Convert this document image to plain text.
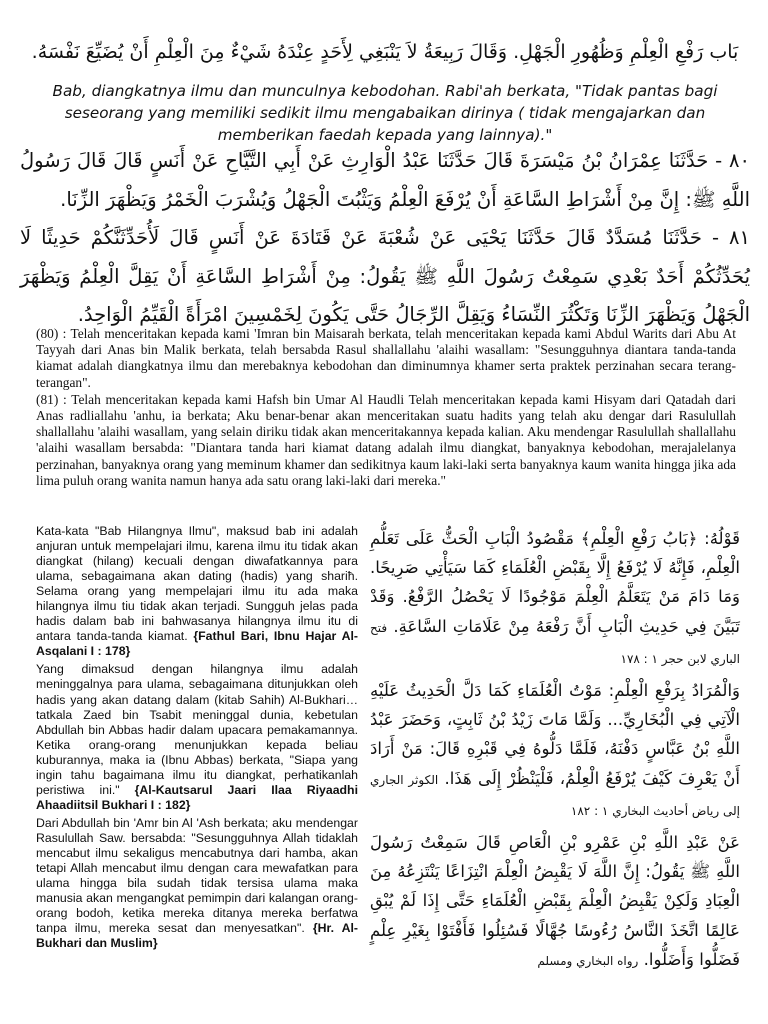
بَاب رَفْعِ الْعِلْمِ وَظُهُورِ الْجَهْلِ. وَقَالَ رَبِيعَةُ لاَ يَنْبَغِي لِأَحَدٍ عِنْدَهُ شَيْءٌ مِنَ الْعِلْمِ أَنْ يُضَيِّعَ نَفْسَهُ.
Bab, diangkatnya ilmu dan munculnya kebodohan. Rabi'ah berkata, "Tidak pantas bagi seseorang yang memiliki sedikit ilmu mengabaikan dirinya ( tidak mengajarkan dan memberikan faedah kepada yang lainnya)."

٨٠ - حَدَّثَنَا عِمْرَانُ بْنُ مَيْسَرَةَ قَالَ حَدَّثَنَا عَبْدُ الْوَارِثِ عَنْ أَبِي التَّيَّاحِ عَنْ أَنَسٍ قَالَ قَالَ رَسُولُ اللَّهِ ﷺ: إِنَّ مِنْ أَشْرَاطِ السَّاعَةِ أَنْ يُرْفَعَ الْعِلْمُ وَيَثْبُتَ الْجَهْلُ وَيُشْرَبَ الْخَمْرُ وَيَظْهَرَ الزِّنَا.

٨١ - حَدَّثَنَا مُسَدَّدٌ قَالَ حَدَّثَنَا يَحْيَى عَنْ شُعْبَةَ عَنْ قَتَادَةَ عَنْ أَنَسٍ قَالَ لَأُحَدِّثَنَّكُمْ حَدِيثًا لَا يُحَدِّثُكُمْ أَحَدٌ بَعْدِي سَمِعْتُ رَسُولَ اللَّهِ ﷺ يَقُولُ: مِنْ أَشْرَاطِ السَّاعَةِ أَنْ يَقِلَّ الْعِلْمُ وَيَظْهَرَ الْجَهْلُ وَيَظْهَرَ الزِّنَا وَتَكْثُرَ النِّسَاءُ وَيَقِلَّ الرِّجَالُ حَتَّى يَكُونَ لِخَمْسِينَ امْرَأَةً الْقَيِّمُ الْوَاحِدُ.

(80) : Telah menceritakan kepada kami 'Imran bin Maisarah berkata, telah menceritakan kepada kami Abdul Warits dari Abu At Tayyah dari Anas bin Malik berkata, telah bersabda Rasul shallallahu 'alaihi wasallam: "Sesungguhnya diantara tanda-tanda kiamat adalah diangkatnya ilmu dan merebaknya kebodohan dan diminumnya khamer serta praktek perzinahan secara terang-terangan".

(81) : Telah menceritakan kepada kami Hafsh bin Umar Al Haudli Telah menceritakan kepada kami Hisyam dari Qatadah dari Anas radliallahu 'anhu, ia berkata; Aku benar-benar akan menceritakan suatu hadits yang telah aku dengar dari Rasulullah shallallahu 'alaihi wasallam, yang selain diriku tidak akan menceritakannya kepada kalian. Aku mendengar Rasulullah shallallahu 'alaihi wasallam bersabda: "Diantara tanda hari kiamat datang adalah ilmu diangkat, banyaknya kebodohan, merajalelanya perzinahan, banyaknya orang yang meminum khamer dan sedikitnya kaum laki-laki serta banyaknya kaum wanita hingga jika ada lima puluh orang wanita namun hanya ada satu orang laki-laki dari mereka."

Kata-kata "Bab Hilangnya Ilmu", maksud bab ini adalah anjuran untuk mempelajari ilmu, karena ilmu itu tidak akan diangkat (hilang) kecuali dengan diwafatkannya para ulama, sebagaimana akan dating (hadis) yang shariħ. Selama orang yang mempelajari ilmu itu ada maka hilangnya ilmu tiu tidak akan terjadi. Sungguh jelas pada hadis dalam bab ini bahwasanya hilangnya ilmu itu di antara tanda-tanda kiamat. {Fathul Bari, Ibnu Hajar Al-Asqalani I : 178}

Yang dimaksud dengan hilangnya ilmu adalah meninggalnya para ulama, sebagaimana ditunjukkan oleh hadis yang akan datang dalam (kitab Sahih) Al-Bukhari… tatkala Zaed bin Tsabit meninggal dunia, kebetulan Abdullah bin Abbas hadir dalam upacara pemakamannya. Ketika orang-orang menunjukkan kepada beliau kuburannya, maka ia (Ibnu Abbas) berkata, "Siapa yang ingin tahu bagaimana ilmu itu diangkat, perhatikanlah peristiwa ini." {Al-Kautsarul Jaari Ilaa Riyaadhi Ahaadiitsil Bukhari I : 182}

Dari Abdullah bin 'Amr bin Al 'Ash berkata; aku mendengar Rasulullah Saw. bersabda: "Sesungguhnya Allah tidaklah mencabut ilmu sekaligus mencabutnya dari hamba, akan tetapi Allah mencabut ilmu dengan cara mewafatkan para ulama hingga bila sudah tidak tersisa ulama maka manusia akan mengangkat pemimpin dari kalangan orang-orang bodoh, ketika mereka ditanya mereka berfatwa tanpa ilmu, mereka sesat dan menyesatkan". {Hr. Al-Bukhari dan Muslim}

قَوْلُهُ: ﴿بَابُ رَفْعِ الْعِلْمِ﴾ مَقْصُودُ الْبَابِ الْحَثُّ عَلَى تَعَلُّمِ الْعِلْمِ، فَإِنَّهُ لَا يُرْفَعُ إِلَّا بِقَبْضِ الْعُلَمَاءِ كَمَا سَيَأْتِي صَرِيحًا. وَمَا دَامَ مَنْ يَتَعَلَّمُ الْعِلْمَ مَوْجُودًا لَا يَحْصُلُ الرَّفْعُ. وَقَدْ تَبَيَّنَ فِي حَدِيثِ الْبَابِ أَنَّ رَفْعَهُ مِنْ عَلَامَاتِ السَّاعَةِ. فتح الباري لابن حجر ١ : ١٧٨

وَالْمُرَادُ بِرَفْعِ الْعِلْمِ: مَوْتُ الْعُلَمَاءِ كَمَا دَلَّ الْحَدِيثُ عَلَيْهِ الْآتِي فِي الْبُخَارِيِّ... وَلَمَّا مَاتَ زَيْدُ بْنُ ثَابِتٍ، وَحَضَرَ عَبْدُ اللَّهِ بْنُ عَبَّاسٍ دَفْنَهُ، فَلَمَّا دَلُّوهُ فِي قَبْرِهِ قَالَ: مَنْ أَرَادَ أَنْ يَعْرِفَ كَيْفَ يُرْفَعُ الْعِلْمُ، فَلْيَنْظُرْ إِلَى هَذَا. الكوثر الجاري إلى رياض أحاديث البخاري ١ : ١٨٢

عَنْ عَبْدِ اللَّهِ بْنِ عَمْرِو بْنِ الْعَاصِ قَالَ سَمِعْتُ رَسُولَ اللَّهِ ﷺ يَقُولُ: إِنَّ اللَّهَ لَا يَقْبِضُ الْعِلْمَ انْتِزَاعًا يَنْتَزِعُهُ مِنَ الْعِبَادِ وَلَكِنْ يَقْبِضُ الْعِلْمَ بِقَبْضِ الْعُلَمَاءِ حَتَّى إِذَا لَمْ يُبْقِ عَالِمًا اتَّخَذَ النَّاسُ رُءُوسًا جُهَّالًا فَسُئِلُوا فَأَفْتَوْا بِغَيْرِ عِلْمٍ فَضَلُّوا وَأَضَلُّوا. رواه البخاري ومسلم
